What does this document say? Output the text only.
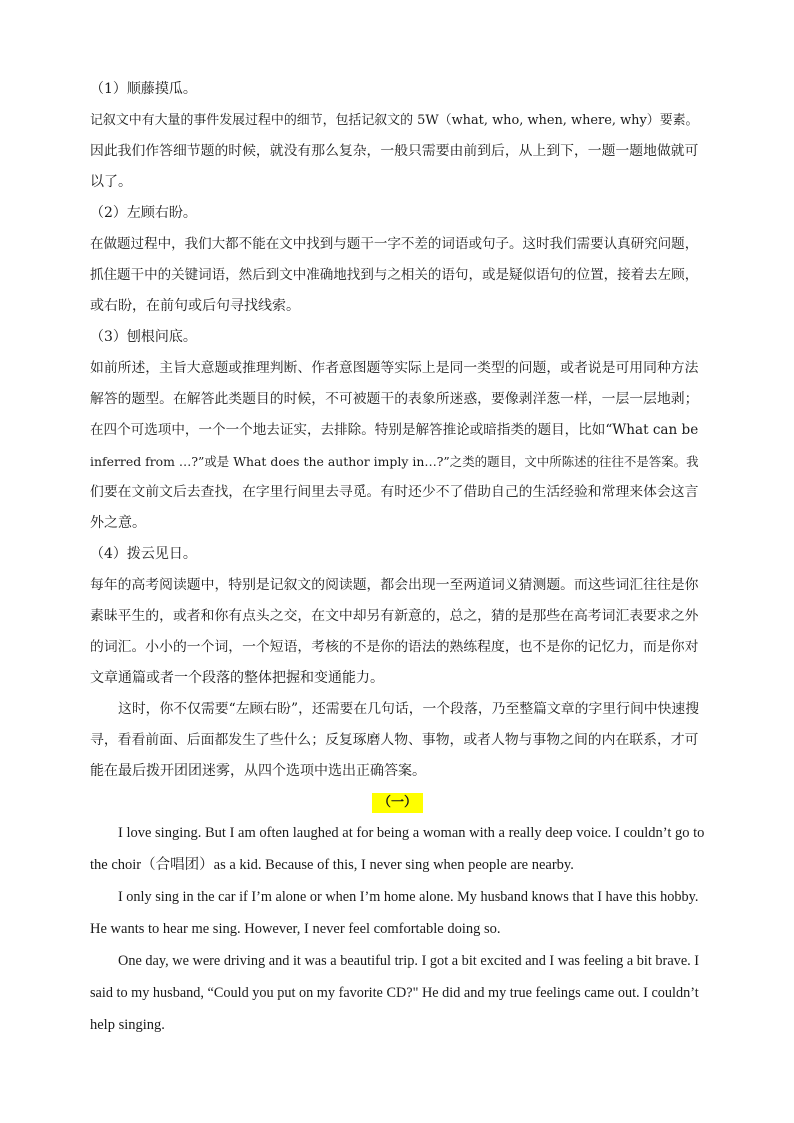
（1）顺藤摸瓜。
记叙文中有大量的事件发展过程中的细节，包括记叙文的 5W（what, who, when, where, why）要素。
因此我们作答细节题的时候，就没有那么复杂，一般只需要由前到后，从上到下，一题一题地做就可
以了。
（2）左顾右盼。
在做题过程中，我们大都不能在文中找到与题干一字不差的词语或句子。这时我们需要认真研究问题，
抓住题干中的关键词语，然后到文中准确地找到与之相关的语句，或是疑似语句的位置，接着去左顾，
或右盼，在前句或后句寻找线索。
（3）刨根问底。
如前所述，主旨大意题或推理判断、作者意图题等实际上是同一类型的问题，或者说是可用同种方法
解答的题型。在解答此类题目的时候，不可被题干的表象所迷惑，要像剥洋葱一样，一层一层地剥；
在四个可选项中，一个一个地去证实，去排除。特别是解答推论或暗指类的题目，比如“What can be
inferred from …?”或是 What does the author imply in…?”之类的题目，文中所陈述的往往不是答案。我
们要在文前文后去查找，在字里行间里去寻觅。有时还少不了借助自己的生活经验和常理来体会这言
外之意。
（4）拨云见日。
每年的高考阅读题中，特别是记叙文的阅读题，都会出现一至两道词义猜测题。而这些词汇往往是你
素昧平生的，或者和你有点头之交，在文中却另有新意的，总之，猜的是那些在高考词汇表要求之外
的词汇。小小的一个词，一个短语，考核的不是你的语法的熟练程度，也不是你的记忆力，而是你对
文章通篇或者一个段落的整体把握和变通能力。
这时，你不仅需要“左顾右盼”，还需要在几句话，一个段落，乃至整篇文章的字里行间中快速搜
寻，看看前面、后面都发生了些什么；反复琢磨人物、事物，或者人物与事物之间的内在联系，才可
能在最后拨开团团迷雾，从四个选项中选出正确答案。
（一）
I love singing. But I am often laughed at for being a woman with a really deep voice. I couldn’t go to
the choir（合唱团）as a kid. Because of this, I never sing when people are nearby.
I only sing in the car if I’m alone or when I’m home alone. My husband knows that I have this hobby.
He wants to hear me sing. However, I never feel comfortable doing so.
One day, we were driving and it was a beautiful trip. I got a bit excited and I was feeling a bit brave. I
said to my husband, “Could you put on my favorite CD?" He did and my true feelings came out. I couldn’t
help singing.
